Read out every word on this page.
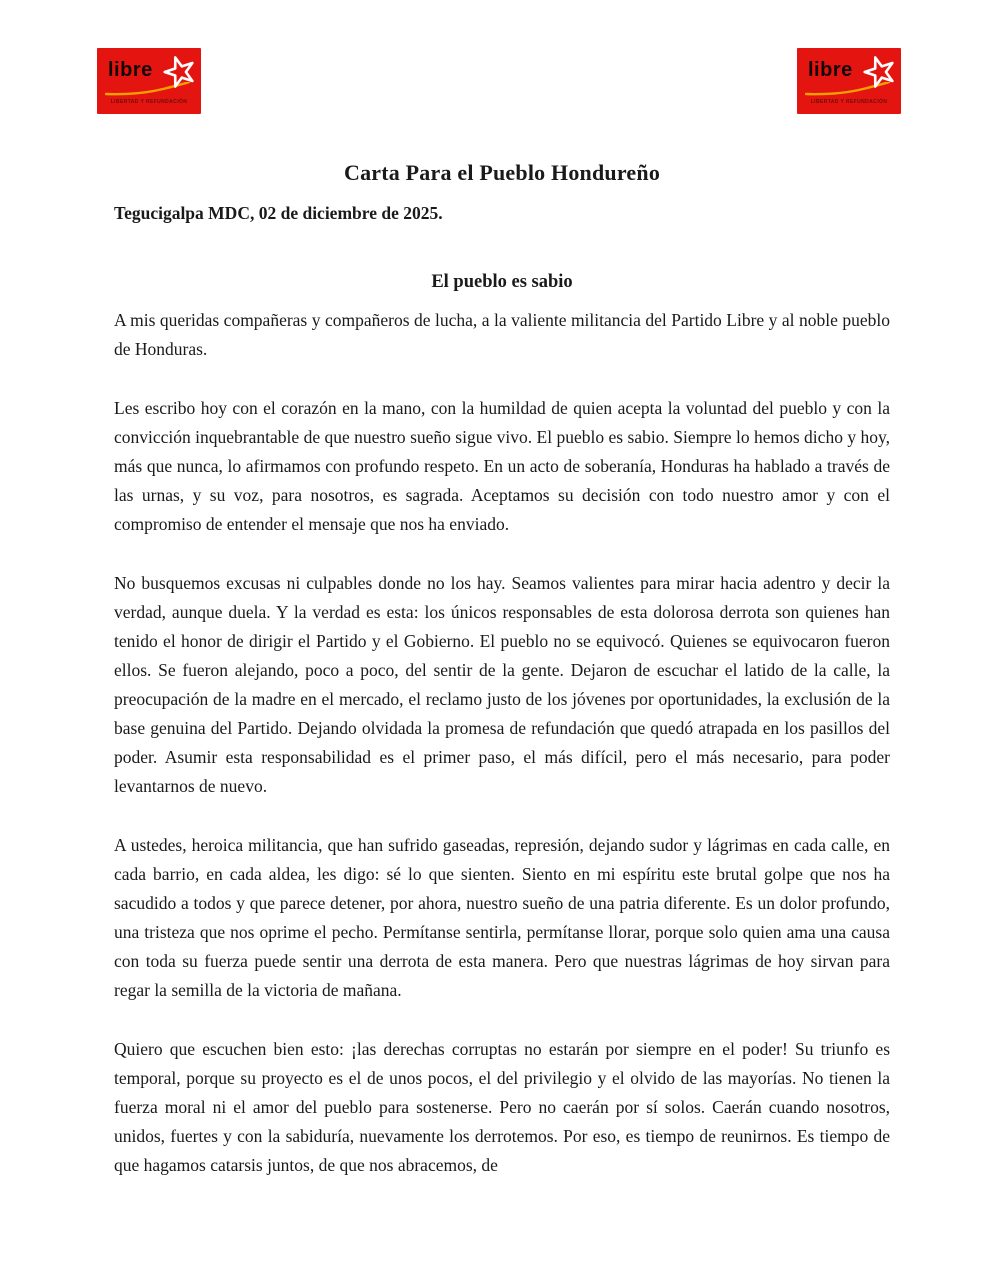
libre
LIBERTAD Y REFUNDACIÓN
libre
LIBERTAD Y REFUNDACIÓN
Carta Para el Pueblo Hondureño
Tegucigalpa MDC, 02 de diciembre de 2025.
El pueblo es sabio

A mis queridas compañeras y compañeros de lucha, a la valiente militancia del Partido Libre y al noble pueblo de Honduras.

Les escribo hoy con el corazón en la mano, con la humildad de quien acepta la voluntad del pueblo y con la convicción inquebrantable de que nuestro sueño sigue vivo. El pueblo es sabio. Siempre lo hemos dicho y hoy, más que nunca, lo afirmamos con profundo respeto. En un acto de soberanía, Honduras ha hablado a través de las urnas, y su voz, para nosotros, es sagrada. Aceptamos su decisión con todo nuestro amor y con el compromiso de entender el mensaje que nos ha enviado.

No busquemos excusas ni culpables donde no los hay. Seamos valientes para mirar hacia adentro y decir la verdad, aunque duela. Y la verdad es esta: los únicos responsables de esta dolorosa derrota son quienes han tenido el honor de dirigir el Partido y el Gobierno. El pueblo no se equivocó. Quienes se equivocaron fueron ellos. Se fueron alejando, poco a poco, del sentir de la gente. Dejaron de escuchar el latido de la calle, la preocupación de la madre en el mercado, el reclamo justo de los jóvenes por oportunidades, la exclusión de la base genuina del Partido. Dejando olvidada la promesa de refundación que quedó atrapada en los pasillos del poder. Asumir esta responsabilidad es el primer paso, el más difícil, pero el más necesario, para poder levantarnos de nuevo.

A ustedes, heroica militancia, que han sufrido gaseadas, represión, dejando sudor y lágrimas en cada calle, en cada barrio, en cada aldea, les digo: sé lo que sienten. Siento en mi espíritu este brutal golpe que nos ha sacudido a todos y que parece detener, por ahora, nuestro sueño de una patria diferente. Es un dolor profundo, una tristeza que nos oprime el pecho. Permítanse sentirla, permítanse llorar, porque solo quien ama una causa con toda su fuerza puede sentir una derrota de esta manera. Pero que nuestras lágrimas de hoy sirvan para regar la semilla de la victoria de mañana.

Quiero que escuchen bien esto: ¡las derechas corruptas no estarán por siempre en el poder! Su triunfo es temporal, porque su proyecto es el de unos pocos, el del privilegio y el olvido de las mayorías. No tienen la fuerza moral ni el amor del pueblo para sostenerse. Pero no caerán por sí solos. Caerán cuando nosotros, unidos, fuertes y con la sabiduría, nuevamente los derrotemos. Por eso, es tiempo de reunirnos. Es tiempo de que hagamos catarsis juntos, de que nos abracemos, de
